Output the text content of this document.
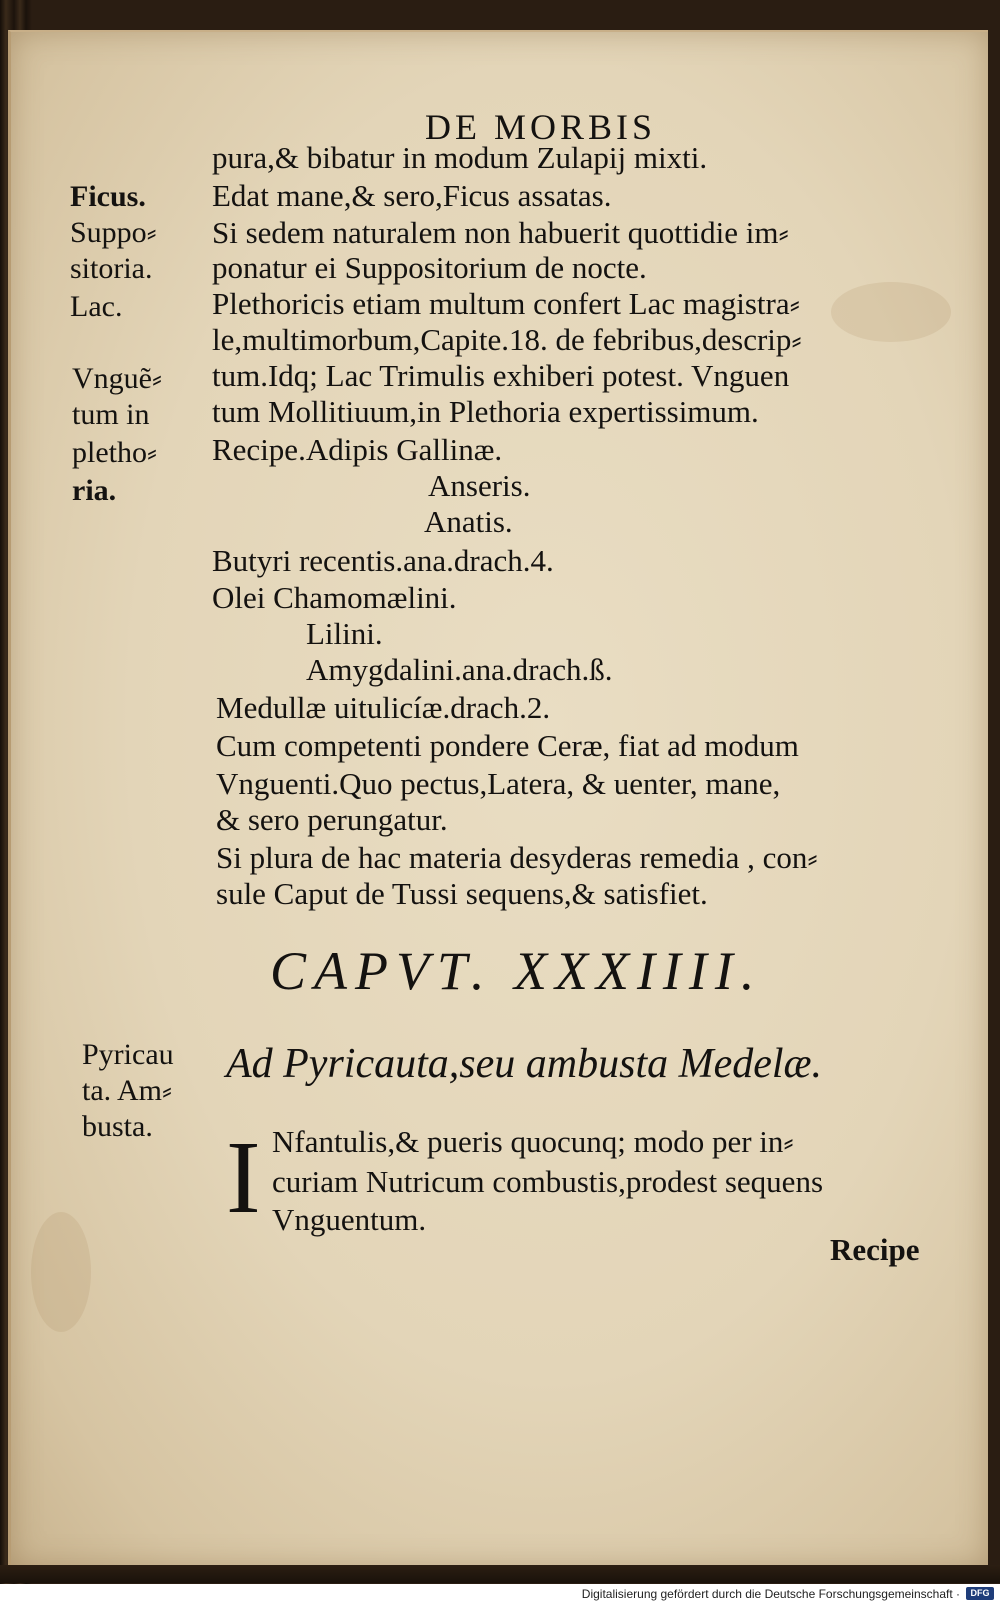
DE MORBIS
pura,& bibatur in modum Zulapij mixti.
Edat mane,& sero,Ficus assatas.
Si sedem naturalem non habuerit quottidie im⸗
ponatur ei Suppositorium de nocte.
Plethoricis etiam multum confert Lac magistra⸗
le,multimorbum,Capite.18. de febribus,descrip⸗
tum.Idq; Lac Trimulis exhiberi potest. Vnguen
tum Mollitiuum,in Plethoria expertissimum.
Recipe.Adipis Gallinæ.
Anseris.
Anatis.
Butyri recentis.ana.drach.4.
Olei Chamomælini.
Lilini.
Amygdalini.ana.drach.ß.
Medullæ uitulicíæ.drach.2.
Cum competenti pondere Ceræ, fiat ad modum
Vnguenti.Quo pectus,Latera, & uenter, mane,
& sero perungatur.
Si plura de hac materia desyderas remedia , con⸗
sule Caput de Tussi sequens,& satisfiet.
Ficus.
Suppo⸗
sitoria.
Lac.
Vnguẽ⸗
tum in
pletho⸗
ria.
Pyricau
ta. Am⸗
busta.
CAPVT. XXXIIII.
Ad Pyricauta,seu ambusta Medelæ.
I Nfantulis,& pueris quocunq; modo per in⸗
curiam Nutricum combustis,prodest sequens
Vnguentum.
Recipe
Digitalisierung gefördert durch die Deutsche Forschungsgemeinschaft ·	DFG
